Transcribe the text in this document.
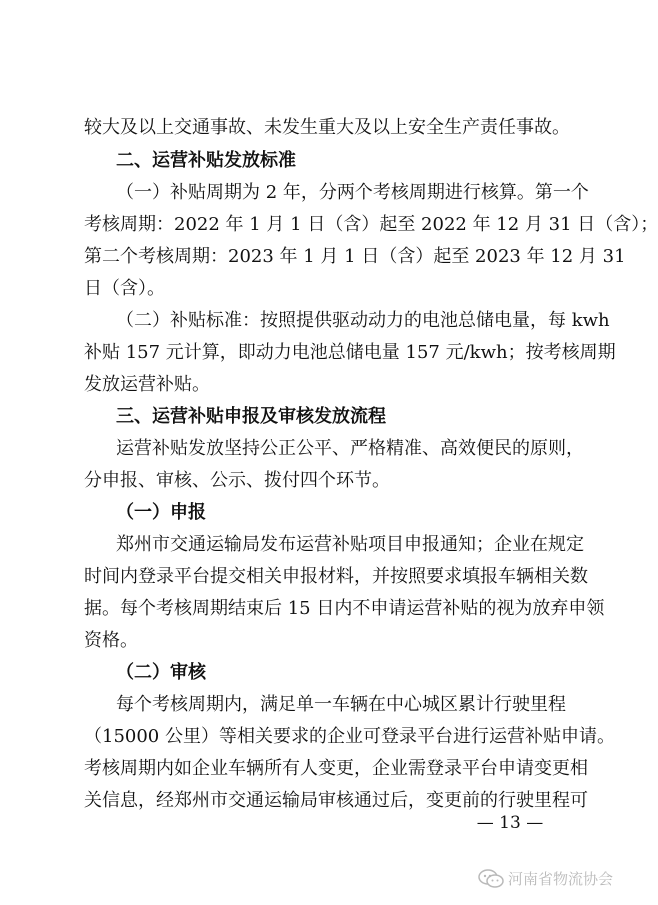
较大及以上交通事故、未发生重大及以上安全生产责任事故。
二、运营补贴发放标准
（一）补贴周期为 2 年，分两个考核周期进行核算。第一个
考核周期：2022 年 1 月 1 日（含）起至 2022 年 12 月 31 日（含）；
第二个考核周期：2023 年 1 月 1 日（含）起至 2023 年 12 月 31
日（含）。
（二）补贴标准：按照提供驱动动力的电池总储电量，每 kwh
补贴 157 元计算，即动力电池总储电量 157 元/kwh；按考核周期
发放运营补贴。
三、运营补贴申报及审核发放流程
运营补贴发放坚持公正公平、严格精准、高效便民的原则，
分申报、审核、公示、拨付四个环节。
（一）申报
郑州市交通运输局发布运营补贴项目申报通知；企业在规定
时间内登录平台提交相关申报材料，并按照要求填报车辆相关数
据。每个考核周期结束后 15 日内不申请运营补贴的视为放弃申领
资格。
（二）审核
每个考核周期内，满足单一车辆在中心城区累计行驶里程
（15000 公里）等相关要求的企业可登录平台进行运营补贴申请。
考核周期内如企业车辆所有人变更，企业需登录平台申请变更相
关信息，经郑州市交通运输局审核通过后，变更前的行驶里程可
— 13 —
河南省物流协会
